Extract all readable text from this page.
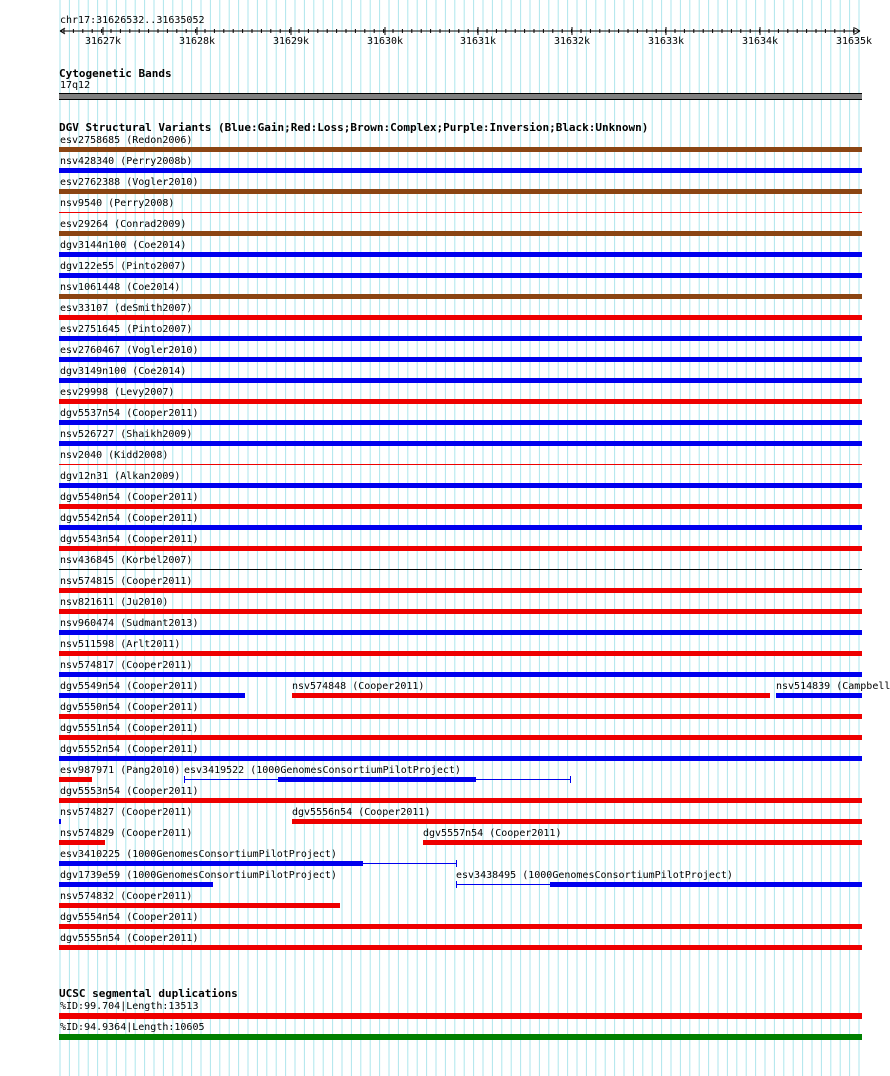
chr17:31626532..31635052
31627k	31628k	31629k	31630k	31631k	31632k	31633k	31634k	31635k
Cytogenetic Bands
17q12
DGV Structural Variants (Blue:Gain;Red:Loss;Brown:Complex;Purple:Inversion;Black:Unknown)
esv2758685 (Redon2006)
nsv428340 (Perry2008b)
esv2762388 (Vogler2010)
nsv9540 (Perry2008)
esv29264 (Conrad2009)
dgv3144n100 (Coe2014)
dgv122e55 (Pinto2007)
nsv1061448 (Coe2014)
esv33107 (deSmith2007)
esv2751645 (Pinto2007)
esv2760467 (Vogler2010)
dgv3149n100 (Coe2014)
esv29998 (Levy2007)
dgv5537n54 (Cooper2011)
nsv526727 (Shaikh2009)
nsv2040 (Kidd2008)
dgv12n31 (Alkan2009)
dgv5540n54 (Cooper2011)
dgv5542n54 (Cooper2011)
dgv5543n54 (Cooper2011)
nsv436845 (Korbel2007)
nsv574815 (Cooper2011)
nsv821611 (Ju2010)
nsv960474 (Sudmant2013)
nsv511598 (Arlt2011)
nsv574817 (Cooper2011)
dgv5549n54 (Cooper2011)	nsv574848 (Cooper2011)	nsv514839 (Campbell
dgv5550n54 (Cooper2011)
dgv5551n54 (Cooper2011)
dgv5552n54 (Cooper2011)
esv987971 (Pang2010) esv3419522 (1000GenomesConsortiumPilotProject)
dgv5553n54 (Cooper2011)
nsv574827 (Cooper2011)	dgv5556n54 (Cooper2011)
nsv574829 (Cooper2011)	dgv5557n54 (Cooper2011)
esv3410225 (1000GenomesConsortiumPilotProject)
dgv1739e59 (1000GenomesConsortiumPilotProject)	esv3438495 (1000GenomesConsortiumPilotProject)
nsv574832 (Cooper2011)
dgv5554n54 (Cooper2011)
dgv5555n54 (Cooper2011)
UCSC segmental duplications
%ID:99.704|Length:13513
%ID:94.9364|Length:10605
